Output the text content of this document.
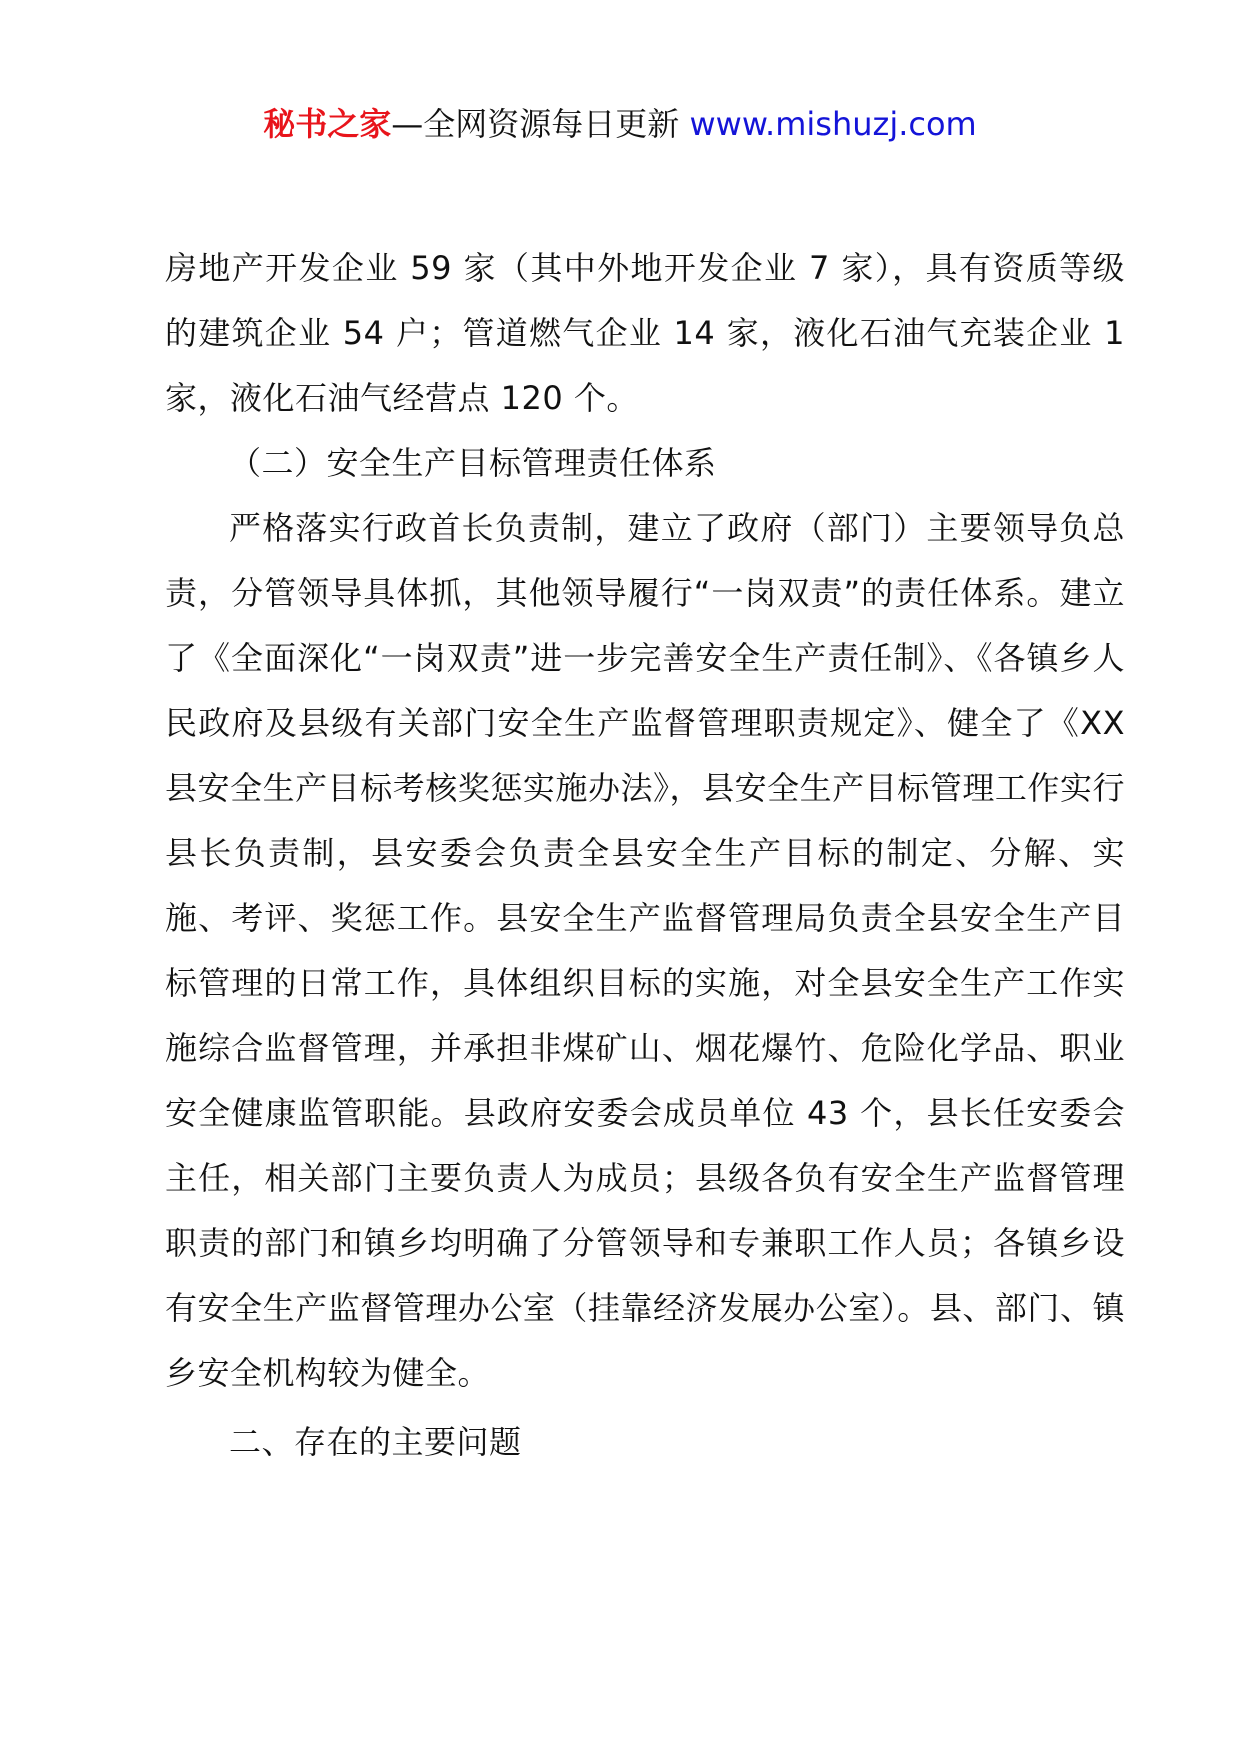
秘书之家—全网资源每日更新 www.mishuzj.com

房地产开发企业 59 家（其中外地开发企业 7 家），具有资质等级的建筑企业 54 户；管道燃气企业 14 家，液化石油气充装企业 1 家，液化石油气经营点 120 个。

（二）安全生产目标管理责任体系

严格落实行政首长负责制，建立了政府（部门）主要领导负总责，分管领导具体抓，其他领导履行“一岗双责”的责任体系。建立了《全面深化“一岗双责”进一步完善安全生产责任制》、《各镇乡人民政府及县级有关部门安全生产监督管理职责规定》、健全了《XX 县安全生产目标考核奖惩实施办法》，县安全生产目标管理工作实行县长负责制，县安委会负责全县安全生产目标的制定、分解、实施、考评、奖惩工作。县安全生产监督管理局负责全县安全生产目标管理的日常工作，具体组织目标的实施，对全县安全生产工作实施综合监督管理，并承担非煤矿山、烟花爆竹、危险化学品、职业安全健康监管职能。县政府安委会成员单位 43 个，县长任安委会主任，相关部门主要负责人为成员；县级各负有安全生产监督管理职责的部门和镇乡均明确了分管领导和专兼职工作人员；各镇乡设有安全生产监督管理办公室（挂靠经济发展办公室）。县、部门、镇乡安全机构较为健全。

二、存在的主要问题
